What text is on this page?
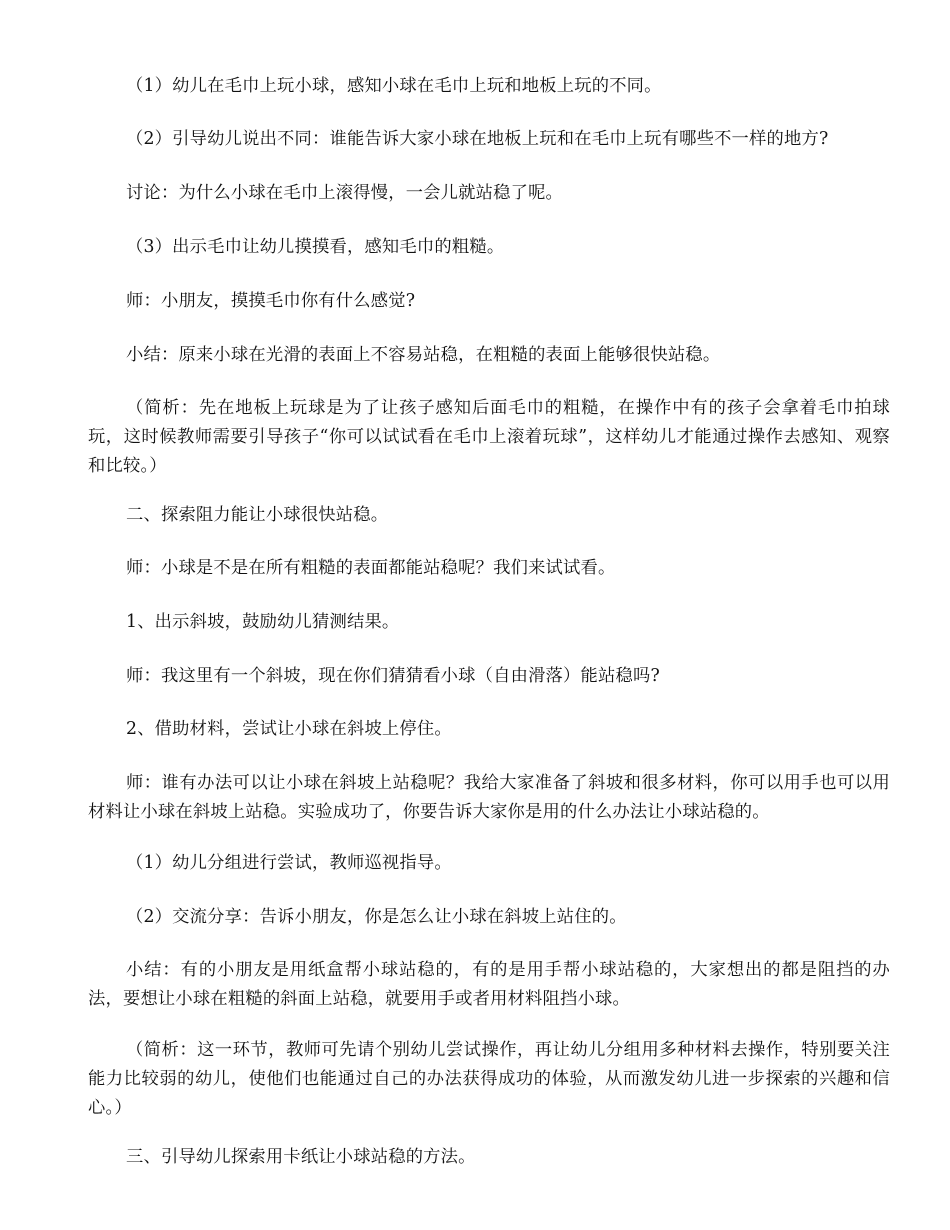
（1）幼儿在毛巾上玩小球，感知小球在毛巾上玩和地板上玩的不同。

（2）引导幼儿说出不同：谁能告诉大家小球在地板上玩和在毛巾上玩有哪些不一样的地方?

讨论：为什么小球在毛巾上滚得慢，一会儿就站稳了呢。

（3）出示毛巾让幼儿摸摸看，感知毛巾的粗糙。

师：小朋友，摸摸毛巾你有什么感觉?

小结：原来小球在光滑的表面上不容易站稳，在粗糙的表面上能够很快站稳。

（简析：先在地板上玩球是为了让孩子感知后面毛巾的粗糙，在操作中有的孩子会拿着毛巾拍球玩，这时候教师需要引导孩子“你可以试试看在毛巾上滚着玩球”，这样幼儿才能通过操作去感知、观察和比较。）

二、探索阻力能让小球很快站稳。

师：小球是不是在所有粗糙的表面都能站稳呢？我们来试试看。

1、出示斜坡，鼓励幼儿猜测结果。

师：我这里有一个斜坡，现在你们猜猜看小球（自由滑落）能站稳吗?

2、借助材料，尝试让小球在斜坡上停住。

师：谁有办法可以让小球在斜坡上站稳呢？我给大家准备了斜坡和很多材料，你可以用手也可以用材料让小球在斜坡上站稳。实验成功了，你要告诉大家你是用的什么办法让小球站稳的。

（1）幼儿分组进行尝试，教师巡视指导。

（2）交流分享：告诉小朋友，你是怎么让小球在斜坡上站住的。

小结：有的小朋友是用纸盒帮小球站稳的，有的是用手帮小球站稳的，大家想出的都是阻挡的办法，要想让小球在粗糙的斜面上站稳，就要用手或者用材料阻挡小球。

（简析：这一环节，教师可先请个别幼儿尝试操作，再让幼儿分组用多种材料去操作，特别要关注能力比较弱的幼儿，使他们也能通过自己的办法获得成功的体验，从而激发幼儿进一步探索的兴趣和信心。）

三、引导幼儿探索用卡纸让小球站稳的方法。
